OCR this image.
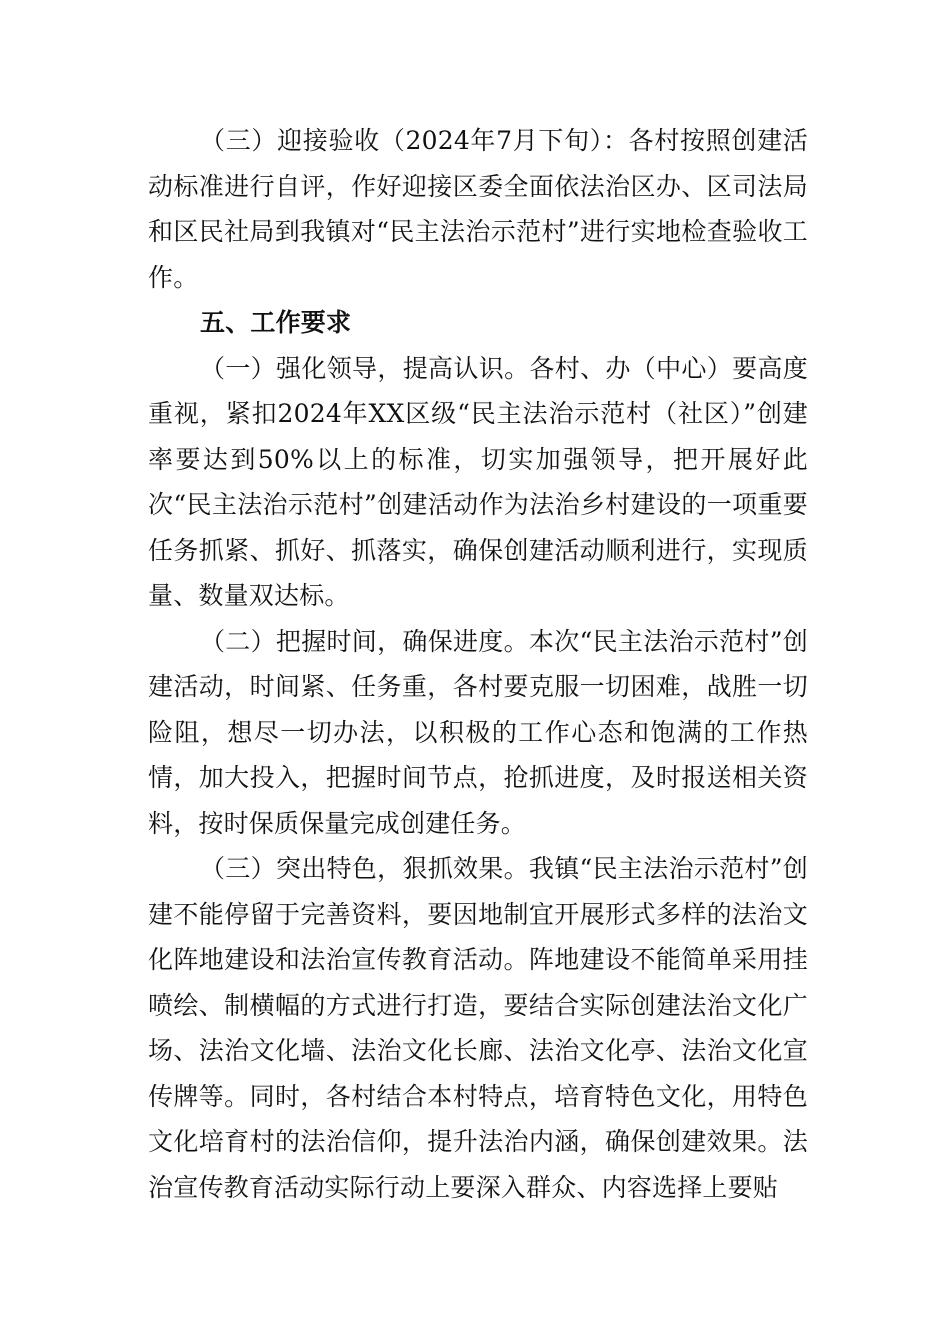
（三）迎接验收（2024年7月下旬）：各村按照创建活动标准进行自评，作好迎接区委全面依法治区办、区司法局和区民社局到我镇对“民主法治示范村”进行实地检查验收工作。

五、工作要求

（一）强化领导，提高认识。各村、办（中心）要高度重视，紧扣2024年XX区级“民主法治示范村（社区）”创建率要达到50%以上的标准，切实加强领导，把开展好此次“民主法治示范村”创建活动作为法治乡村建设的一项重要任务抓紧、抓好、抓落实，确保创建活动顺利进行，实现质量、数量双达标。

（二）把握时间，确保进度。本次“民主法治示范村”创建活动，时间紧、任务重，各村要克服一切困难，战胜一切险阻，想尽一切办法，以积极的工作心态和饱满的工作热情，加大投入，把握时间节点，抢抓进度，及时报送相关资料，按时保质保量完成创建任务。

（三）突出特色，狠抓效果。我镇“民主法治示范村”创建不能停留于完善资料，要因地制宜开展形式多样的法治文化阵地建设和法治宣传教育活动。阵地建设不能简单采用挂喷绘、制横幅的方式进行打造，要结合实际创建法治文化广场、法治文化墙、法治文化长廊、法治文化亭、法治文化宣传牌等。同时，各村结合本村特点，培育特色文化，用特色文化培育村的法治信仰，提升法治内涵，确保创建效果。法治宣传教育活动实际行动上要深入群众、内容选择上要贴
